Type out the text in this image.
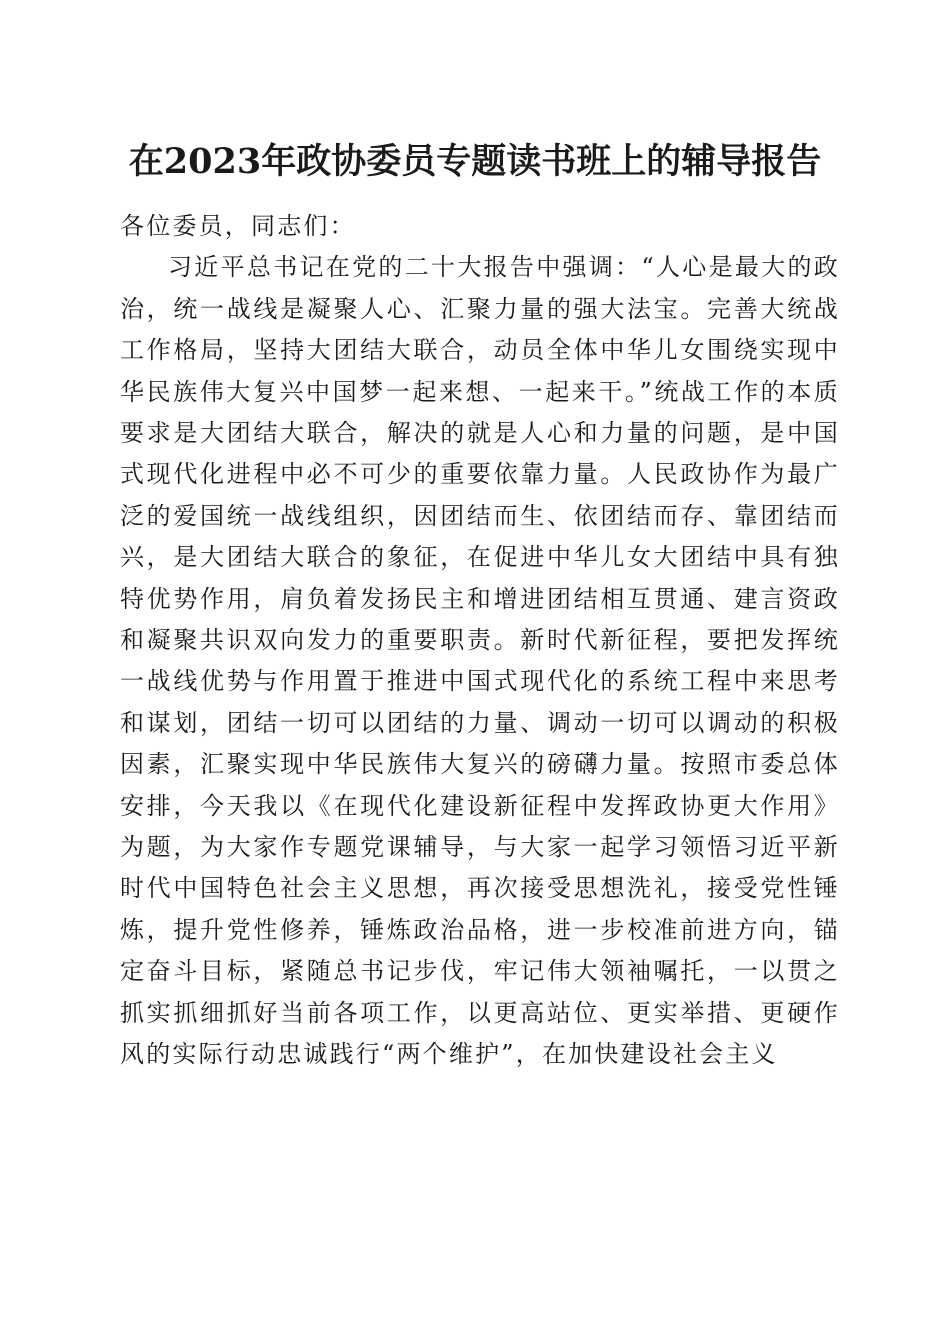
在2023年政协委员专题读书班上的辅导报告

各位委员，同志们：

习近平总书记在党的二十大报告中强调：“人心是最大的政治，统一战线是凝聚人心、汇聚力量的强大法宝。完善大统战工作格局，坚持大团结大联合，动员全体中华儿女围绕实现中华民族伟大复兴中国梦一起来想、一起来干。”统战工作的本质要求是大团结大联合，解决的就是人心和力量的问题，是中国式现代化进程中必不可少的重要依靠力量。人民政协作为最广泛的爱国统一战线组织，因团结而生、依团结而存、靠团结而兴，是大团结大联合的象征，在促进中华儿女大团结中具有独特优势作用，肩负着发扬民主和增进团结相互贯通、建言资政和凝聚共识双向发力的重要职责。新时代新征程，要把发挥统一战线优势与作用置于推进中国式现代化的系统工程中来思考和谋划，团结一切可以团结的力量、调动一切可以调动的积极因素，汇聚实现中华民族伟大复兴的磅礴力量。按照市委总体安排，今天我以《在现代化建设新征程中发挥政协更大作用》为题，为大家作专题党课辅导，与大家一起学习领悟习近平新时代中国特色社会主义思想，再次接受思想洗礼，接受党性锤炼，提升党性修养，锤炼政治品格，进一步校准前进方向，锚定奋斗目标，紧随总书记步伐，牢记伟大领袖嘱托，一以贯之抓实抓细抓好当前各项工作，以更高站位、更实举措、更硬作风的实际行动忠诚践行“两个维护”，在加快建设社会主义
